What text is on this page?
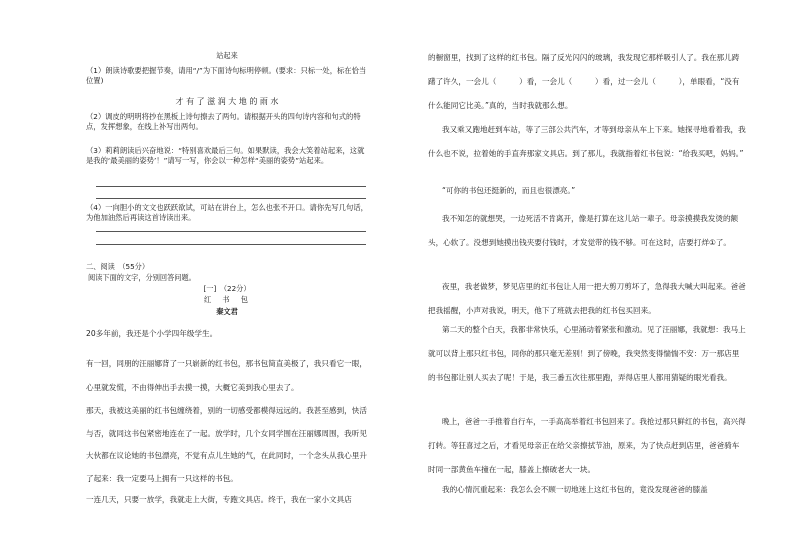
站起来

（1）朗读诗歌要把握节奏，请用“/”为下面诗句标明停顿。(要求：只标一处，标在恰当位置)

才 有 了 滋 润 大 地 的 雨 水

（2）调皮的明明将抄在黑板上诗句擦去了两句。请根据开头的四句诗内容和句式的特点，发挥想象，在线上补写出两句。

（3）莉莉朗读后兴奋地说：“特别喜欢最后三句。如果默读，我会大笑着站起来，这就是我的‘最美丽的姿势’！”请写一写，你会以一种怎样“美丽的姿势”站起来。

（4）一向胆小的文文也跃跃欲试，可站在讲台上，怎么也张不开口。请你先写几句话，为他加油然后再读这首诗读出来。

二、阅读　（55分）

阅读下面的文字，分别回答问题。

[一]　（22分）

红　书　包

秦文君

20多年前，我还是个小学四年级学生。

有一回，同朋的汪丽娜背了一只崭新的红书包，那书包简直美极了，我只看它一眼，心里就发慌，不由得伸出手去摸一摸，大概它美到我心里去了。

那天，我被这美丽的红书包缠绕着，别的一切感受都模得远远的。我甚至感到，快活与否，就同这书包紧密地连在了一起。放学时，几个女同学围在汪丽娜周围，我听见大伙都在议论她的书包漂亮，不觉有点儿生她的气，在此同时，一个念头从我心里升了起来：我一定要马上拥有一只这样的书包。

一连几天，只要一放学，我就走上大街，专跑文具店。终于，我在一家小文具店

的橱窗里，找到了这样的红书包。隔了反光闪闪的玻璃，我发现它那样吸引人了。我在那儿踌躇了许久，一会儿（　　　）看，一会儿（　　　）看，过一会儿（　　　），单眼看，“没有什么能同它比美。”真的，当时我就那么想。

我又乘又跑地赶到车站，等了三部公共汽车，才等到母亲从车上下来。她探寻地看着我，我什么也不说，拉着她的手直奔那家文具店。到了那儿，我就指着红书包说：“给我买吧，妈妈。”

“可你的书包还挺新的，而且也很漂亮。”

我不知怎的就想哭，一边死活不肯离开，像是打算在这儿站一辈子。母亲摸摸我发烫的额头，心软了。没想到她摸出钱夹要付钱时，才发觉带的钱不够。可在这时，店要打烊①了。

夜里，我老做梦，梦见店里的红书包让人用一把大剪刀剪坏了，急得我大喊大叫起来。爸爸把我摇醒，小声对我说，明天，他下了班就去把我的红书包买回来。

第二天的整个白天，我都非常快乐，心里涌动着紧张和激动。见了汪丽娜，我就想：我马上就可以背上那只红书包，同你的那只毫无差别！到了傍晚，我突然变得惴惴不安：万一那店里的书包都让别人买去了呢！于是，我三番五次往那里跑，弄得店里人都用猜疑的眼光看我。

晚上，爸爸一手推着自行车，一手高高举着红书包回来了。我抢过那只鲜红的书包，高兴得打转。等狂喜过之后，才看见母亲正在给父亲擦拭节油，原来，为了快点赶到店里，爸爸骑车时同一部黄鱼车撞在一起，膝盖上擦破老大一块。

我的心情沉重起来：我怎么会不顾一切地迷上这红书包的，竟没发现爸爸的膝盖
